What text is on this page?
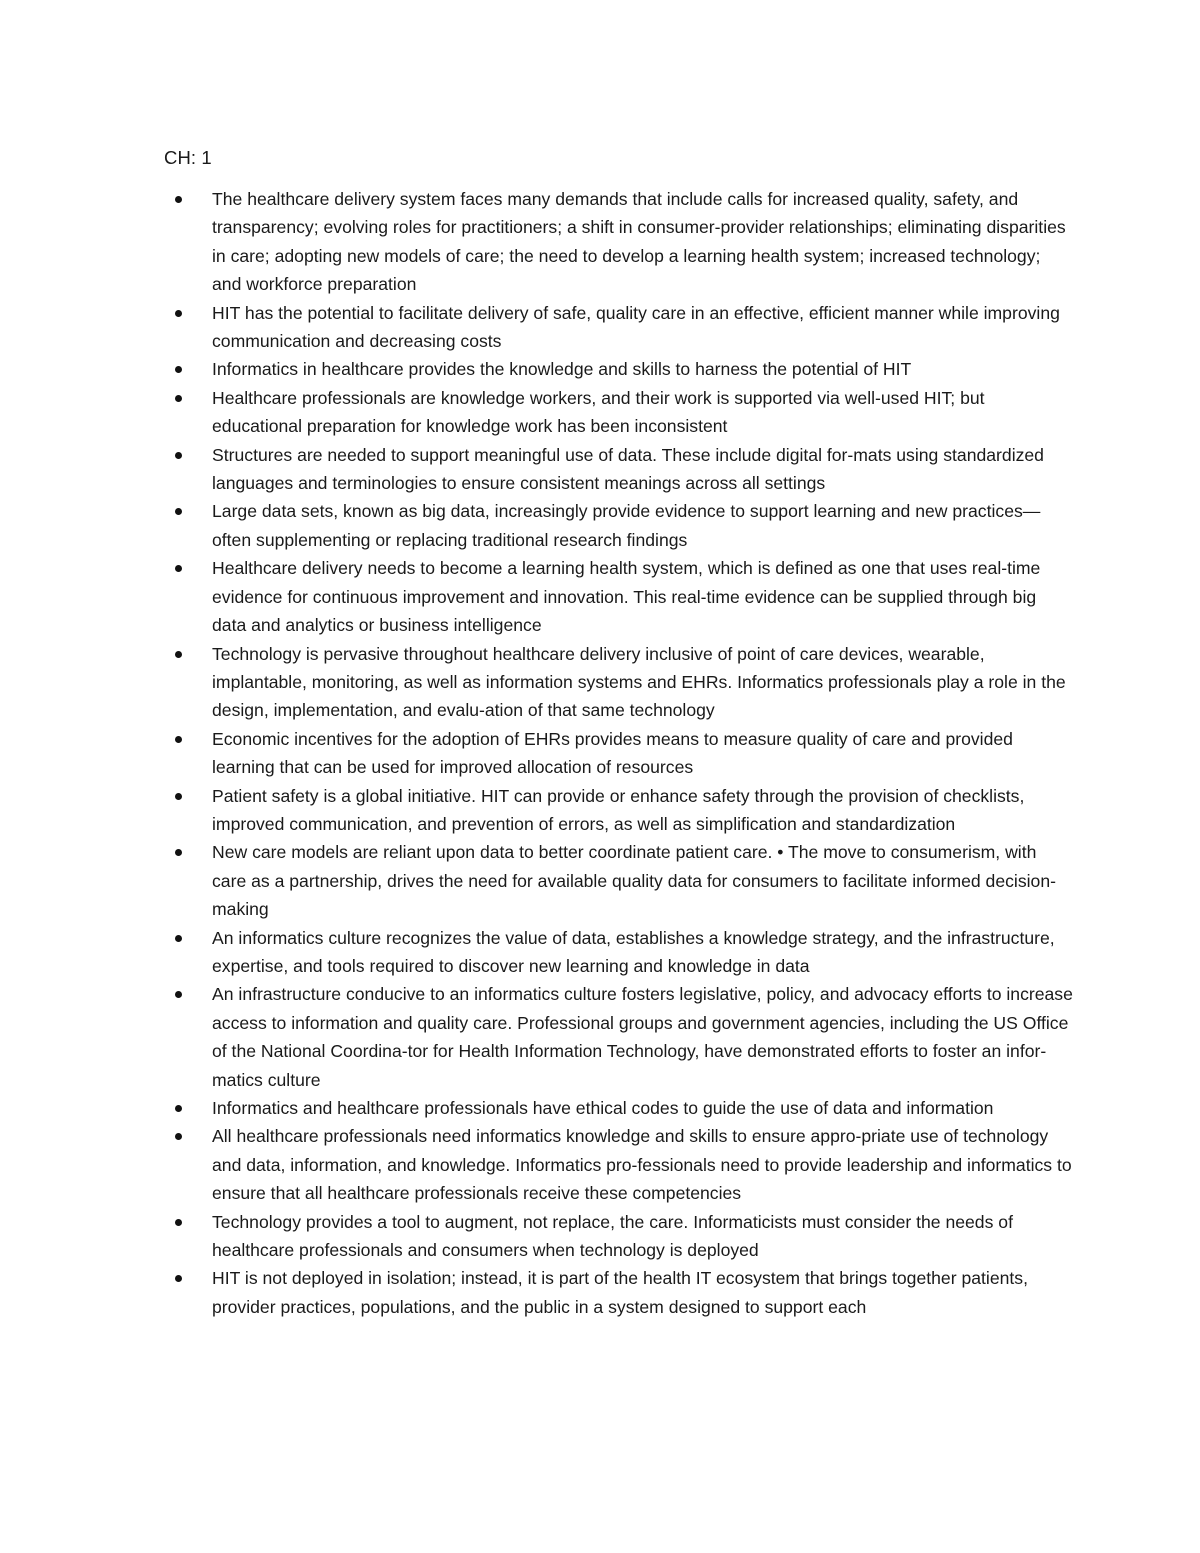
CH: 1
The healthcare delivery system faces many demands that include calls for increased quality, safety, and transparency; evolving roles for practitioners; a shift in consumer-provider relationships; eliminating disparities in care; adopting new models of care; the need to develop a learning health system; increased technology; and workforce preparation
HIT has the potential to facilitate delivery of safe, quality care in an effective, efficient manner while improving communication and decreasing costs
Informatics in healthcare provides the knowledge and skills to harness the potential of HIT
Healthcare professionals are knowledge workers, and their work is supported via well-used HIT; but educational preparation for knowledge work has been inconsistent
Structures are needed to support meaningful use of data. These include digital for-mats using standardized languages and terminologies to ensure consistent meanings across all settings
Large data sets, known as big data, increasingly provide evidence to support learning and new practices—often supplementing or replacing traditional research findings
Healthcare delivery needs to become a learning health system, which is defined as one that uses real-time evidence for continuous improvement and innovation. This real-time evidence can be supplied through big data and analytics or business intelligence
Technology is pervasive throughout healthcare delivery inclusive of point of care devices, wearable, implantable, monitoring, as well as information systems and EHRs. Informatics professionals play a role in the design, implementation, and evalu-ation of that same technology
Economic incentives for the adoption of EHRs provides means to measure quality of care and provided learning that can be used for improved allocation of resources
Patient safety is a global initiative. HIT can provide or enhance safety through the provision of checklists, improved communication, and prevention of errors, as well as simplification and standardization
New care models are reliant upon data to better coordinate patient care. • The move to consumerism, with care as a partnership, drives the need for available quality data for consumers to facilitate informed decision-making
An informatics culture recognizes the value of data, establishes a knowledge strategy, and the infrastructure, expertise, and tools required to discover new learning and knowledge in data
An infrastructure conducive to an informatics culture fosters legislative, policy, and advocacy efforts to increase access to information and quality care. Professional groups and government agencies, including the US Office of the National Coordina-tor for Health Information Technology, have demonstrated efforts to foster an infor-matics culture
Informatics and healthcare professionals have ethical codes to guide the use of data and information
All healthcare professionals need informatics knowledge and skills to ensure appro-priate use of technology and data, information, and knowledge. Informatics pro-fessionals need to provide leadership and informatics to ensure that all healthcare professionals receive these competencies
Technology provides a tool to augment, not replace, the care. Informaticists must consider the needs of healthcare professionals and consumers when technology is deployed
HIT is not deployed in isolation; instead, it is part of the health IT ecosystem that brings together patients, provider practices, populations, and the public in a system designed to support each
